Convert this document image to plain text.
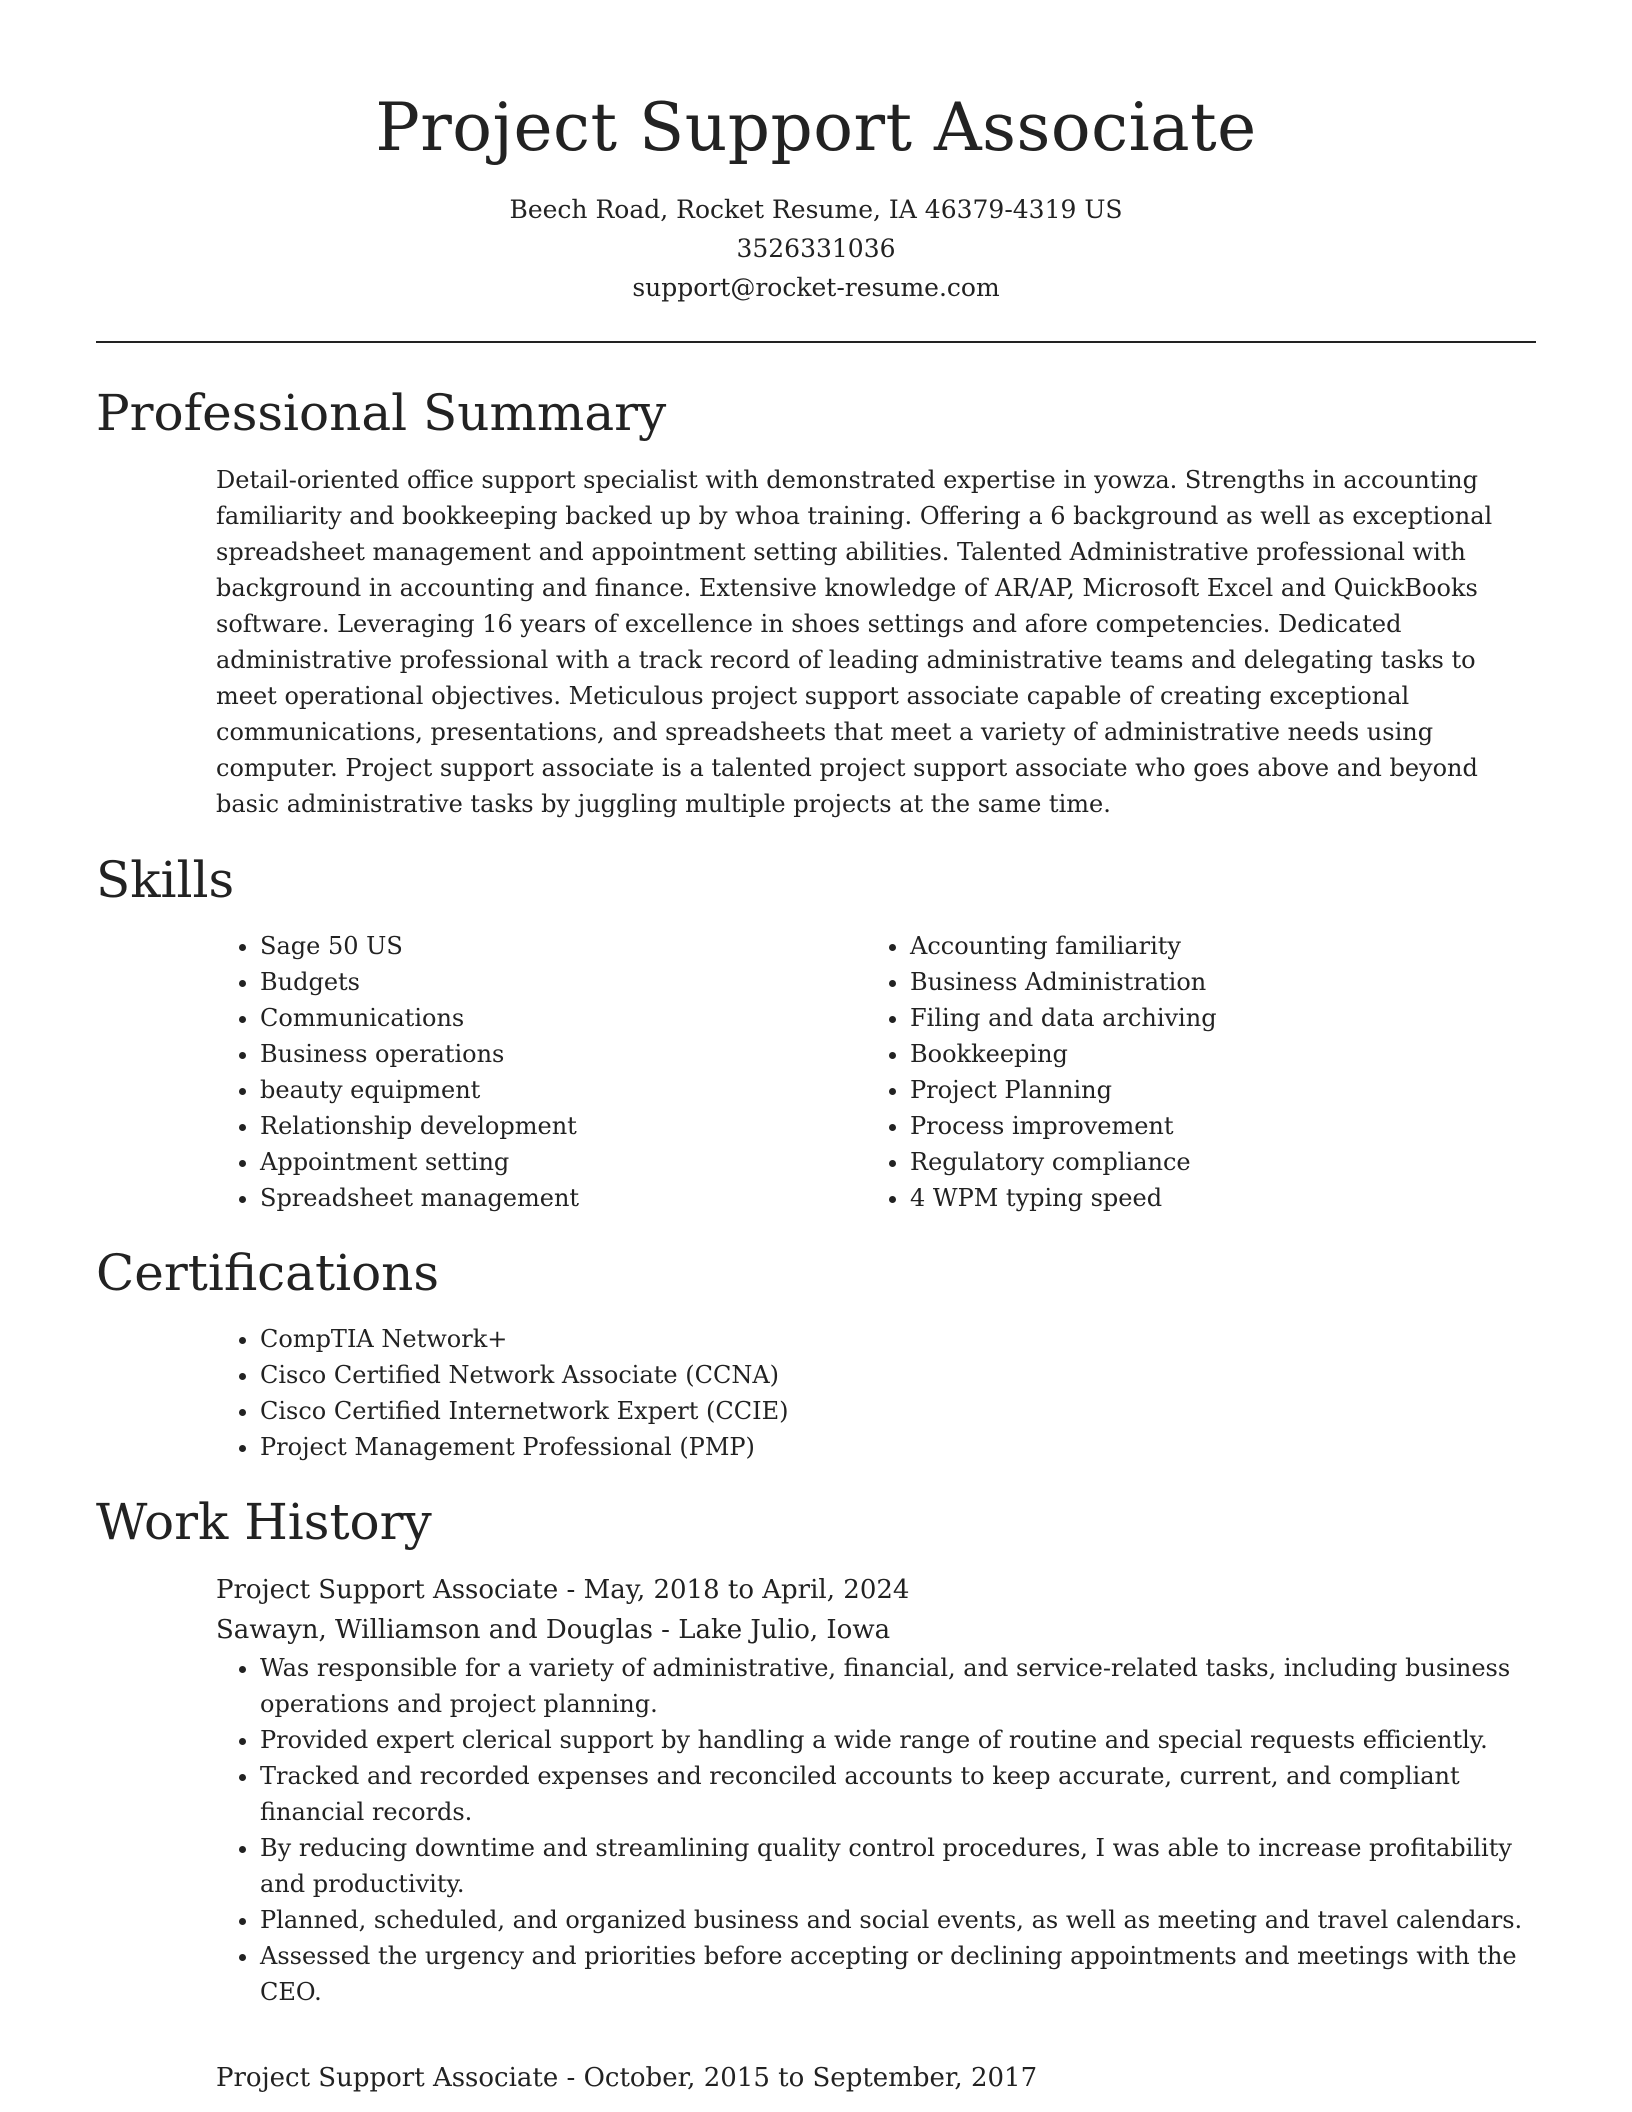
Project Support Associate
Beech Road, Rocket Resume, IA 46379-4319 US
3526331036
support@rocket-resume.com
Professional Summary

Detail-oriented office support specialist with demonstrated expertise in yowza. Strengths in accounting familiarity and bookkeeping backed up by whoa training. Offering a 6 background as well as exceptional spreadsheet management and appointment setting abilities. Talented Administrative professional with background in accounting and finance. Extensive knowledge of AR/AP, Microsoft Excel and QuickBooks software. Leveraging 16 years of excellence in shoes settings and afore competencies. Dedicated administrative professional with a track record of leading administrative teams and delegating tasks to meet operational objectives. Meticulous project support associate capable of creating exceptional communications, presentations, and spreadsheets that meet a variety of administrative needs using computer. Project support associate is a talented project support associate who goes above and beyond basic administrative tasks by juggling multiple projects at the same time.

Skills
• Sage 50 US
• Budgets
• Communications
• Business operations
• beauty equipment
• Relationship development
• Appointment setting
• Spreadsheet management
• Accounting familiarity
• Business Administration
• Filing and data archiving
• Bookkeeping
• Project Planning
• Process improvement
• Regulatory compliance
• 4 WPM typing speed
Certifications
• CompTIA Network+
• Cisco Certified Network Associate (CCNA)
• Cisco Certified Internetwork Expert (CCIE)
• Project Management Professional (PMP)
Work History
Project Support Associate - May, 2018 to April, 2024
Sawayn, Williamson and Douglas - Lake Julio, Iowa
• Was responsible for a variety of administrative, financial, and service-related tasks, including business operations and project planning.
• Provided expert clerical support by handling a wide range of routine and special requests efficiently.
• Tracked and recorded expenses and reconciled accounts to keep accurate, current, and compliant financial records.
• By reducing downtime and streamlining quality control procedures, I was able to increase profitability and productivity.
• Planned, scheduled, and organized business and social events, as well as meeting and travel calendars.
• Assessed the urgency and priorities before accepting or declining appointments and meetings with the CEO.
Project Support Associate - October, 2015 to September, 2017
